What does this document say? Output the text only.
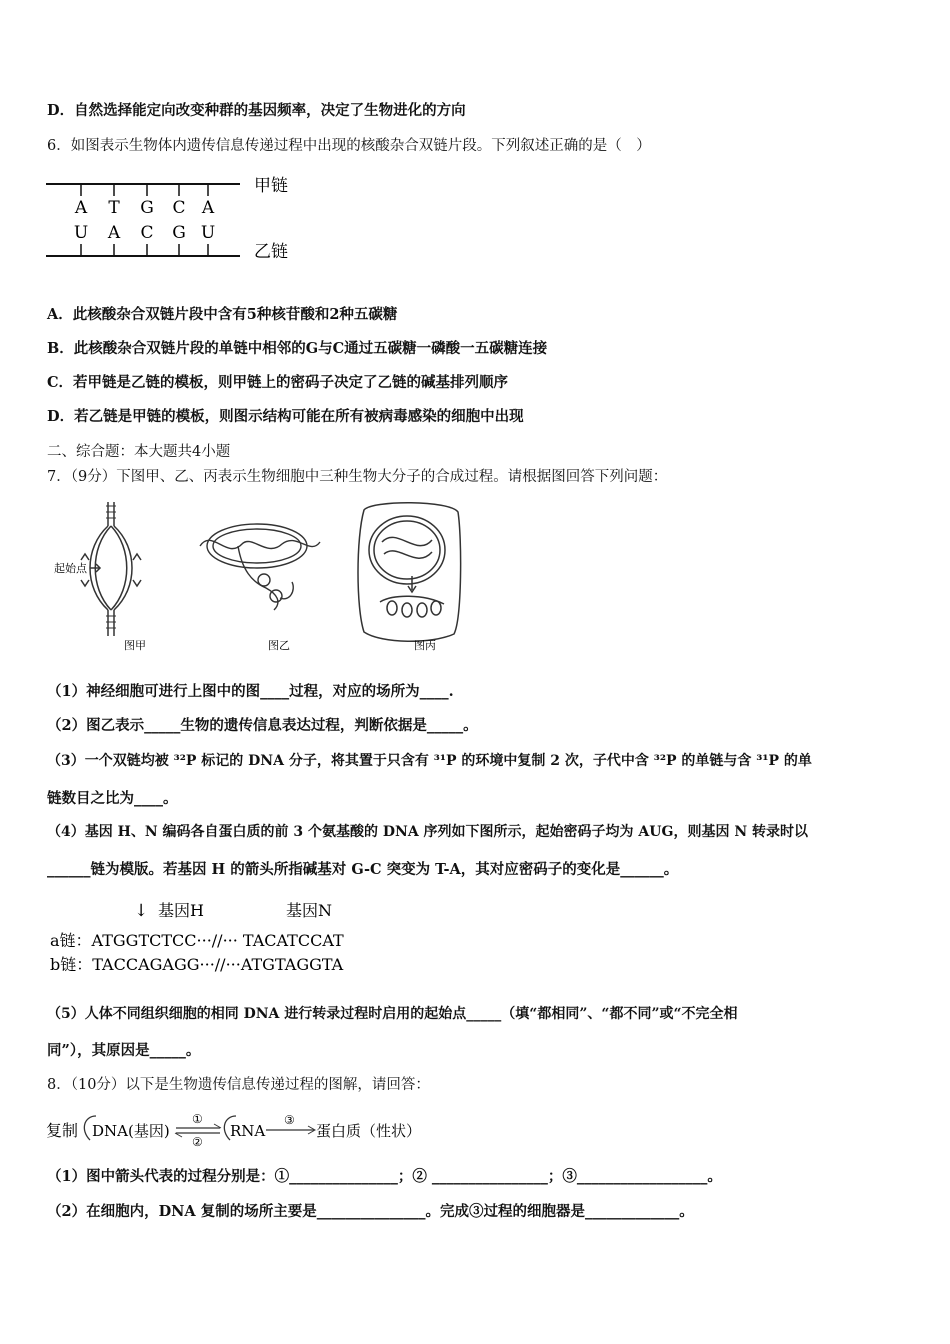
D．自然选择能定向改变种群的基因频率，决定了生物进化的方向
6．如图表示生物体内遗传信息传递过程中出现的核酸杂合双链片段。下列叙述正确的是（　）
A T G C A
U A C G U
甲链
乙链
A．此核酸杂合双链片段中含有5种核苷酸和2种五碳糖
B．此核酸杂合双链片段的单链中相邻的G与C通过五碳糖一磷酸一五碳糖连接
C．若甲链是乙链的模板，则甲链上的密码子决定了乙链的碱基排列顺序
D．若乙链是甲链的模板，则图示结构可能在所有被病毒感染的细胞中出现
二、综合题：本大题共4小题
7．（9分）下图甲、乙、丙表示生物细胞中三种生物大分子的合成过程。请根据图回答下列问题：
起始点
图甲	图乙	图丙
（1）神经细胞可进行上图中的图____过程，对应的场所为____.
（2）图乙表示_____生物的遗传信息表达过程，判断依据是_____。
（3）一个双链均被 ³²P 标记的 DNA 分子，将其置于只含有 ³¹P 的环境中复制 2 次，子代中含 ³²P 的单链与含 ³¹P 的单
链数目之比为____。
（4）基因 H、N 编码各自蛋白质的前 3 个氨基酸的 DNA 序列如下图所示，起始密码子均为 AUG，则基因 N 转录时以
______链为模版。若基因 H 的箭头所指碱基对 G-C 突变为 T-A，其对应密码子的变化是______。
↓ 基因H	基因N
a链：ATGGTCTCC···//··· TACATCCAT
b链：TACCAGAGG···//···ATGTAGGTA
（5）人体不同组织细胞的相同 DNA 进行转录过程时启用的起始点_____（填“都相同”、“都不同”或“不完全相
同”），其原因是_____。
8．（10分）以下是生物遗传信息传递过程的图解，请回答：
复制 DNA(基因)
①
②
RNA
③
蛋白质（性状）
（1）图中箭头代表的过程分别是：①_______________；② ________________；③__________________。
（2）在细胞内，DNA 复制的场所主要是_______________。完成③过程的细胞器是_____________。
